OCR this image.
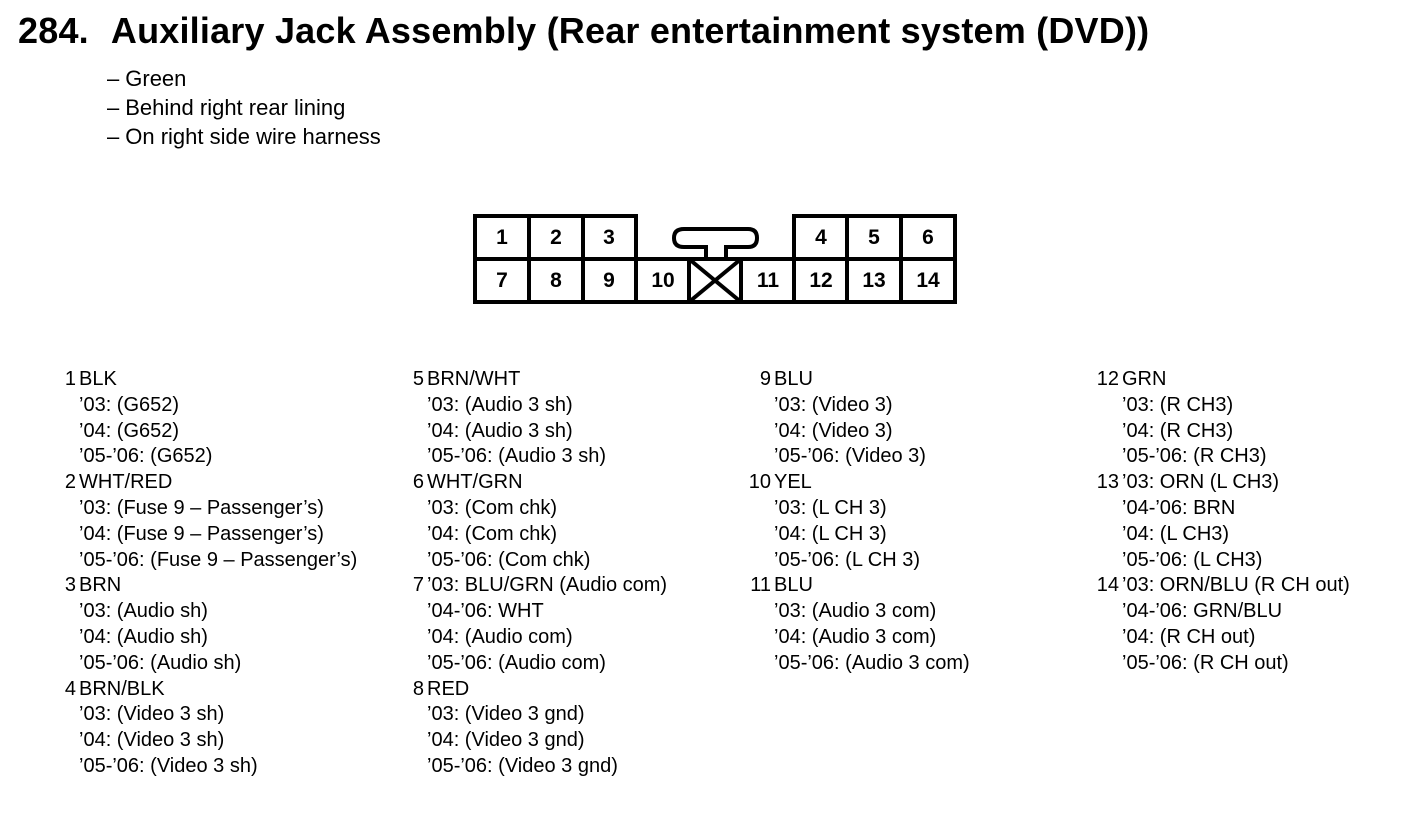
284. Auxiliary Jack Assembly (Rear entertainment system (DVD))
– Green
– Behind right rear lining
– On right side wire harness
1	2	3	4	5	6
7	8	9	10	11	12	13	14
1 BLK
’03: (G652)
’04: (G652)
’05-’06: (G652)
2 WHT/RED
’03: (Fuse 9 – Passenger’s)
’04: (Fuse 9 – Passenger’s)
’05-’06: (Fuse 9 – Passenger’s)
3 BRN
’03: (Audio sh)
’04: (Audio sh)
’05-’06: (Audio sh)
4 BRN/BLK
’03: (Video 3 sh)
’04: (Video 3 sh)
’05-’06: (Video 3 sh)
5 BRN/WHT
’03: (Audio 3 sh)
’04: (Audio 3 sh)
’05-’06: (Audio 3 sh)
6 WHT/GRN
’03: (Com chk)
’04: (Com chk)
’05-’06: (Com chk)
7 ’03: BLU/GRN (Audio com)
’04-’06: WHT
’04: (Audio com)
’05-’06: (Audio com)
8 RED
’03: (Video 3 gnd)
’04: (Video 3 gnd)
’05-’06: (Video 3 gnd)
9 BLU
’03: (Video 3)
’04: (Video 3)
’05-’06: (Video 3)
10 YEL
’03: (L CH 3)
’04: (L CH 3)
’05-’06: (L CH 3)
11 BLU
’03: (Audio 3 com)
’04: (Audio 3 com)
’05-’06: (Audio 3 com)
12 GRN
’03: (R CH3)
’04: (R CH3)
’05-’06: (R CH3)
13 ’03: ORN (L CH3)
’04-’06: BRN
’04: (L CH3)
’05-’06: (L CH3)
14 ’03: ORN/BLU (R CH out)
’04-’06: GRN/BLU
’04: (R CH out)
’05-’06: (R CH out)
